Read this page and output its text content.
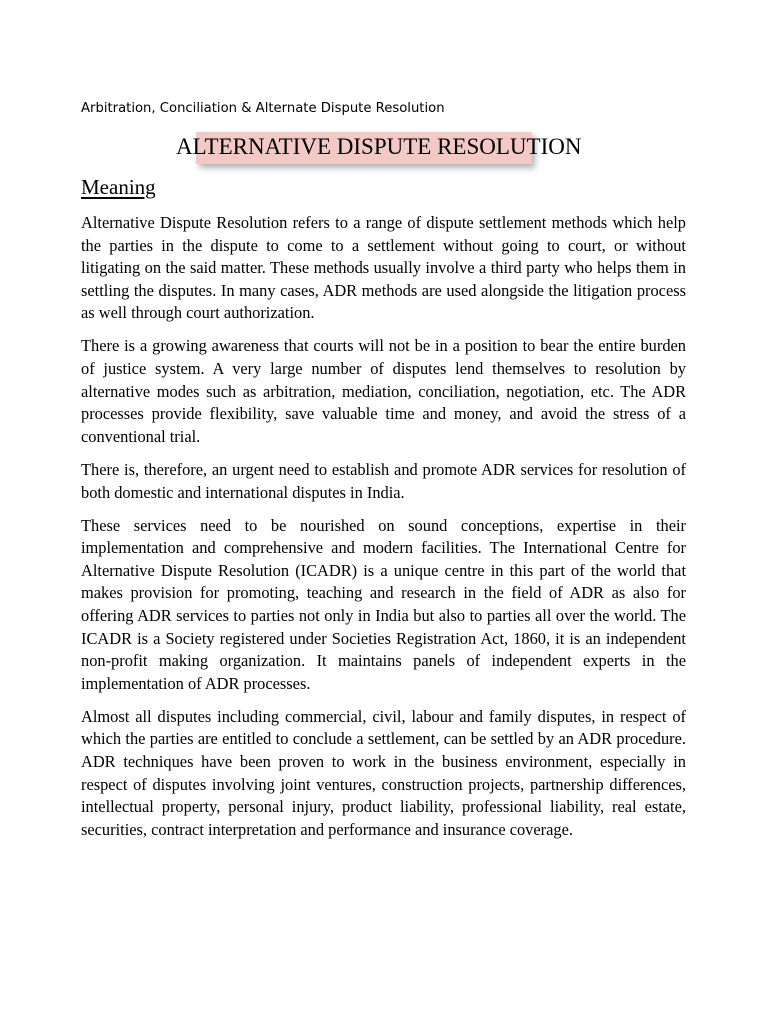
Arbitration, Conciliation & Alternate Dispute Resolution
ALTERNATIVE DISPUTE RESOLUTION
Meaning

Alternative Dispute Resolution refers to a range of dispute settlement methods which help the parties in the dispute to come to a settlement without going to court, or without litigating on the said matter. These methods usually involve a third party who helps them in settling the disputes. In many cases, ADR methods are used alongside the litigation process as well through court authorization.

There is a growing awareness that courts will not be in a position to bear the entire burden of justice system. A very large number of disputes lend themselves to resolution by alternative modes such as arbitration, mediation, conciliation, negotiation, etc. The ADR processes provide flexibility, save valuable time and money, and avoid the stress of a conventional trial.

There is, therefore, an urgent need to establish and promote ADR services for resolution of both domestic and international disputes in India.

These services need to be nourished on sound conceptions, expertise in their implementation and comprehensive and modern facilities. The International Centre for Alternative Dispute Resolution (ICADR) is a unique centre in this part of the world that makes provision for promoting, teaching and research in the field of ADR as also for offering ADR services to parties not only in India but also to parties all over the world. The ICADR is a Society registered under Societies Registration Act, 1860, it is an independent non-profit making organization. It maintains panels of independent experts in the implementation of ADR processes.

Almost all disputes including commercial, civil, labour and family disputes, in respect of which the parties are entitled to conclude a settlement, can be settled by an ADR procedure. ADR techniques have been proven to work in the business environment, especially in respect of disputes involving joint ventures, construction projects, partnership differences, intellectual property, personal injury, product liability, professional liability, real estate, securities, contract interpretation and performance and insurance coverage.
